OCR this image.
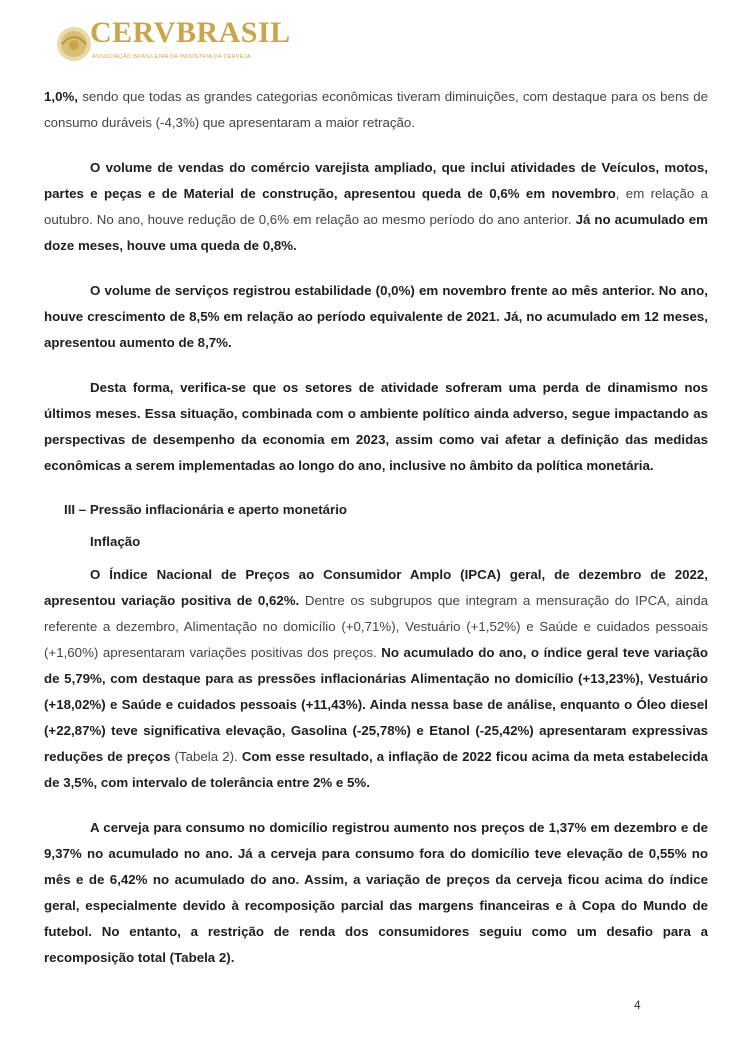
CERVBRASIL
ASSOCIAÇÃO BRASILEIRA DA INDÚSTRIA DA CERVEJA

1,0%, sendo que todas as grandes categorias econômicas tiveram diminuições, com destaque para os bens de consumo duráveis (-4,3%) que apresentaram a maior retração.

O volume de vendas do comércio varejista ampliado, que inclui atividades de Veículos, motos, partes e peças e de Material de construção, apresentou queda de 0,6% em novembro, em relação a outubro. No ano, houve redução de 0,6% em relação ao mesmo período do ano anterior. Já no acumulado em doze meses, houve uma queda de 0,8%.

O volume de serviços registrou estabilidade (0,0%) em novembro frente ao mês anterior. No ano, houve crescimento de 8,5% em relação ao período equivalente de 2021. Já, no acumulado em 12 meses, apresentou aumento de 8,7%.

Desta forma, verifica-se que os setores de atividade sofreram uma perda de dinamismo nos últimos meses. Essa situação, combinada com o ambiente político ainda adverso, segue impactando as perspectivas de desempenho da economia em 2023, assim como vai afetar a definição das medidas econômicas a serem implementadas ao longo do ano, inclusive no âmbito da política monetária.

III – Pressão inflacionária e aperto monetário
Inflação

O Índice Nacional de Preços ao Consumidor Amplo (IPCA) geral, de dezembro de 2022, apresentou variação positiva de 0,62%. Dentre os subgrupos que integram a mensuração do IPCA, ainda referente a dezembro, Alimentação no domicílio (+0,71%), Vestuário (+1,52%) e Saúde e cuidados pessoais (+1,60%) apresentaram variações positivas dos preços. No acumulado do ano, o índice geral teve variação de 5,79%, com destaque para as pressões inflacionárias Alimentação no domicílio (+13,23%), Vestuário (+18,02%) e Saúde e cuidados pessoais (+11,43%). Ainda nessa base de análise, enquanto o Óleo diesel (+22,87%) teve significativa elevação, Gasolina (-25,78%) e Etanol (-25,42%) apresentaram expressivas reduções de preços (Tabela 2). Com esse resultado, a inflação de 2022 ficou acima da meta estabelecida de 3,5%, com intervalo de tolerância entre 2% e 5%.

A cerveja para consumo no domicílio registrou aumento nos preços de 1,37% em dezembro e de 9,37% no acumulado no ano. Já a cerveja para consumo fora do domicílio teve elevação de 0,55% no mês e de 6,42% no acumulado do ano. Assim, a variação de preços da cerveja ficou acima do índice geral, especialmente devido à recomposição parcial das margens financeiras e à Copa do Mundo de futebol. No entanto, a restrição de renda dos consumidores seguiu como um desafio para a recomposição total (Tabela 2).

4
